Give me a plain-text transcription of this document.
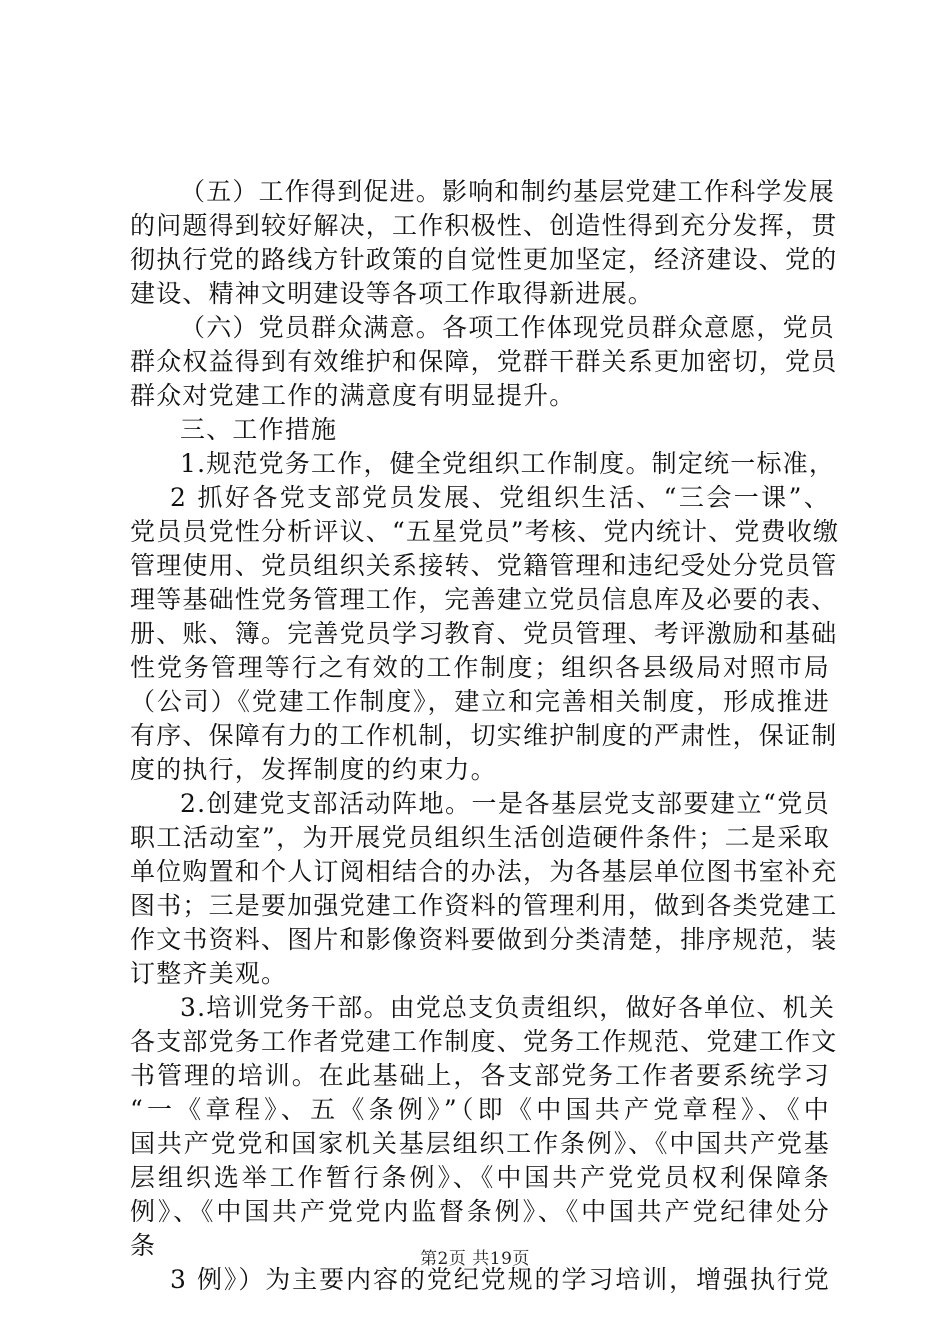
（五）工作得到促进。影响和制约基层党建工作科学发展
的问题得到较好解决，工作积极性、创造性得到充分发挥，贯
彻执行党的路线方针政策的自觉性更加坚定，经济建设、党的
建设、精神文明建设等各项工作取得新进展。
（六）党员群众满意。各项工作体现党员群众意愿，党员
群众权益得到有效维护和保障，党群干群关系更加密切，党员
群众对党建工作的满意度有明显提升。
三、工作措施
1.规范党务工作，健全党组织工作制度。制定统一标准，
2 抓好各党支部党员发展、党组织生活、“三会一课”、
党员员党性分析评议、“五星党员”考核、党内统计、党费收缴
管理使用、党员组织关系接转、党籍管理和违纪受处分党员管
理等基础性党务管理工作，完善建立党员信息库及必要的表、
册、账、簿。完善党员学习教育、党员管理、考评激励和基础
性党务管理等行之有效的工作制度；组织各县级局对照市局
（公司）《党建工作制度》，建立和完善相关制度，形成推进
有序、保障有力的工作机制，切实维护制度的严肃性，保证制
度的执行，发挥制度的约束力。
2.创建党支部活动阵地。一是各基层党支部要建立“党员
职工活动室”，为开展党员组织生活创造硬件条件；二是采取
单位购置和个人订阅相结合的办法，为各基层单位图书室补充
图书；三是要加强党建工作资料的管理利用，做到各类党建工
作文书资料、图片和影像资料要做到分类清楚，排序规范，装
订整齐美观。
3.培训党务干部。由党总支负责组织，做好各单位、机关
各支部党务工作者党建工作制度、党务工作规范、党建工作文
书管理的培训。在此基础上，各支部党务工作者要系统学习
“一《章程》、五《条例》”（即《中国共产党章程》、《中
国共产党党和国家机关基层组织工作条例》、《中国共产党基
层组织选举工作暂行条例》、《中国共产党党员权利保障条
例》、《中国共产党党内监督条例》、《中国共产党纪律处分
条
3 例》）为主要内容的党纪党规的学习培训，增强执行党
第2页 共19页
